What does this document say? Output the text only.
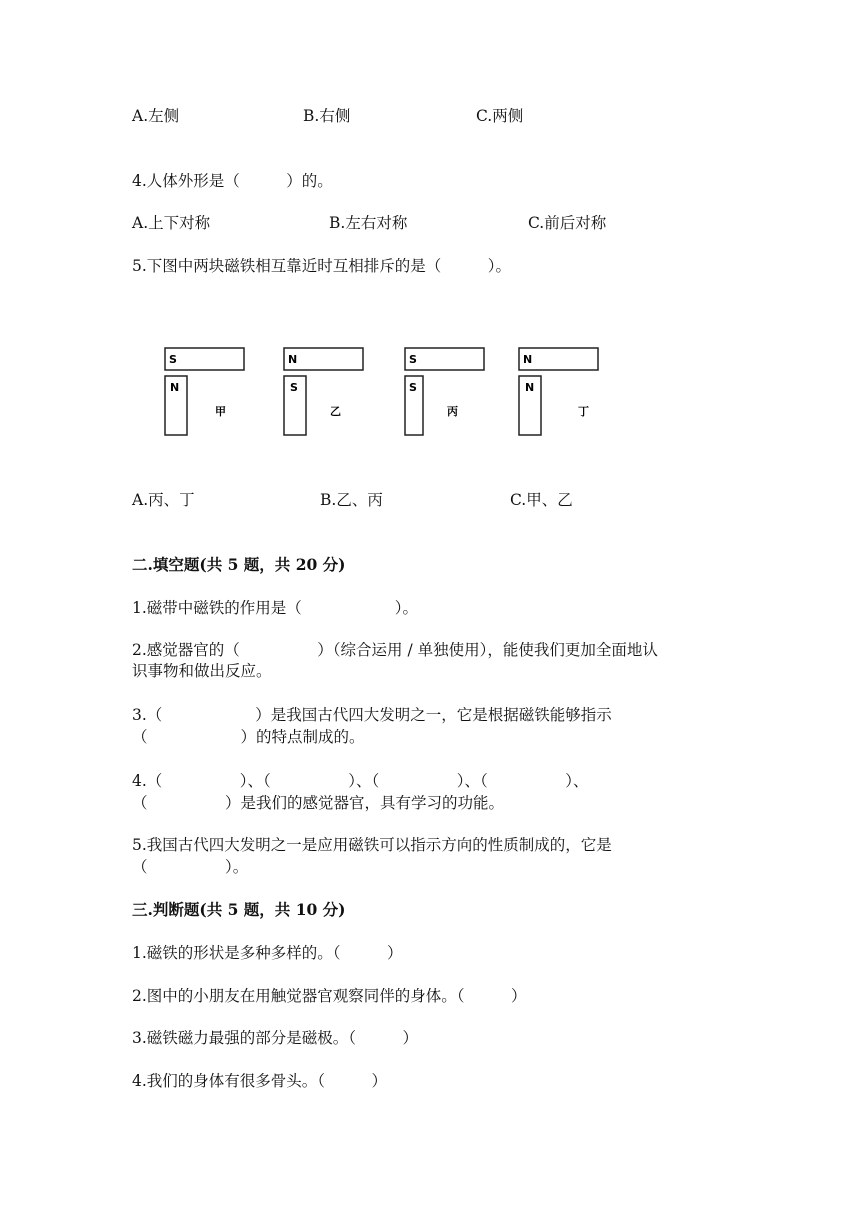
A.左侧	B.右侧	C.两侧
4.人体外形是（　　　）的。
A.上下对称	B.左右对称	C.前后对称
5.下图中两块磁铁相互靠近时互相排斥的是（　　　）。
S
N
甲
N
S
乙
S
S
丙
N
N
丁
A.丙、丁	B.乙、丙	C.甲、乙
二.填空题(共 5 题，共 20 分)
1.磁带中磁铁的作用是（　　　　　　）。
2.感觉器官的（　　　　　）（综合运用 / 单独使用），能使我们更加全面地认
识事物和做出反应。
3.（　　　　　　）是我国古代四大发明之一，它是根据磁铁能够指示
（　　　　　　）的特点制成的。
4.（　　　　　）、（　　　　　）、（　　　　　）、（　　　　　）、
（　　　　　）是我们的感觉器官，具有学习的功能。
5.我国古代四大发明之一是应用磁铁可以指示方向的性质制成的，它是
（　　　　　）。
三.判断题(共 5 题，共 10 分)
1.磁铁的形状是多种多样的。（　　　）
2.图中的小朋友在用触觉器官观察同伴的身体。（　　　）
3.磁铁磁力最强的部分是磁极。（　　　）
4.我们的身体有很多骨头。（　　　）
